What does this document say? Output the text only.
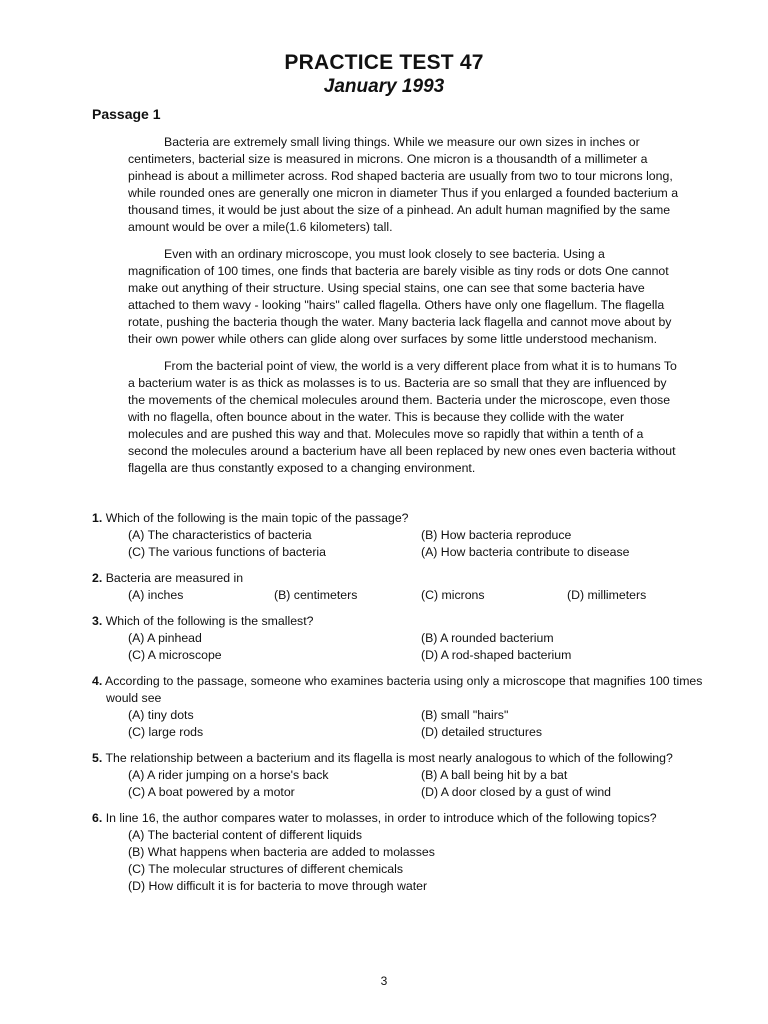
PRACTICE TEST 47
January 1993
Passage 1

Bacteria are extremely small living things. While we measure our own sizes in inches or centimeters, bacterial size is measured in microns. One micron is a thousandth of a millimeter a pinhead is about a millimeter across. Rod shaped bacteria are usually from two to tour microns long, while rounded ones are generally one micron in diameter Thus if you enlarged a founded bacterium a thousand times, it would be just about the size of a pinhead. An adult human magnified by the same amount would be over a mile(1.6 kilometers) tall.

Even with an ordinary microscope, you must look closely to see bacteria. Using a magnification of 100 times, one finds that bacteria are barely visible as tiny rods or dots One cannot make out anything of their structure. Using special stains, one can see that some bacteria have attached to them wavy - looking "hairs" called flagella. Others have only one flagellum. The flagella rotate, pushing the bacteria though the water. Many bacteria lack flagella and cannot move about by their own power while others can glide along over surfaces by some little understood mechanism.

From the bacterial point of view, the world is a very different place from what it is to humans To a bacterium water is as thick as molasses is to us. Bacteria are so small that they are influenced by the movements of the chemical molecules around them. Bacteria under the microscope, even those with no flagella, often bounce about in the water. This is because they collide with the water molecules and are pushed this way and that. Molecules move so rapidly that within a tenth of a second the molecules around a bacterium have all been replaced by new ones even bacteria without flagella are thus constantly exposed to a changing environment.

1. Which of the following is the main topic of the passage?
(A) The characteristics of bacteria	(B) How bacteria reproduce
(C) The various functions of bacteria	(A) How bacteria contribute to disease
2. Bacteria are measured in
(A) inches	(B) centimeters	(C) microns	(D) millimeters
3. Which of the following is the smallest?
(A) A pinhead	(B) A rounded bacterium
(C) A microscope	(D) A rod-shaped bacterium
4. According to the passage, someone who examines bacteria using only a microscope that magnifies 100 times would see
(A) tiny dots	(B) small "hairs"
(C) large rods	(D) detailed structures
5. The relationship between a bacterium and its flagella is most nearly analogous to which of the following?
(A) A rider jumping on a horse's back	(B) A ball being hit by a bat
(C) A boat powered by a motor	(D) A door closed by a gust of wind
6. In line 16, the author compares water to molasses, in order to introduce which of the following topics?
(A) The bacterial content of different liquids
(B) What happens when bacteria are added to molasses
(C) The molecular structures of different chemicals
(D) How difficult it is for bacteria to move through water
3
